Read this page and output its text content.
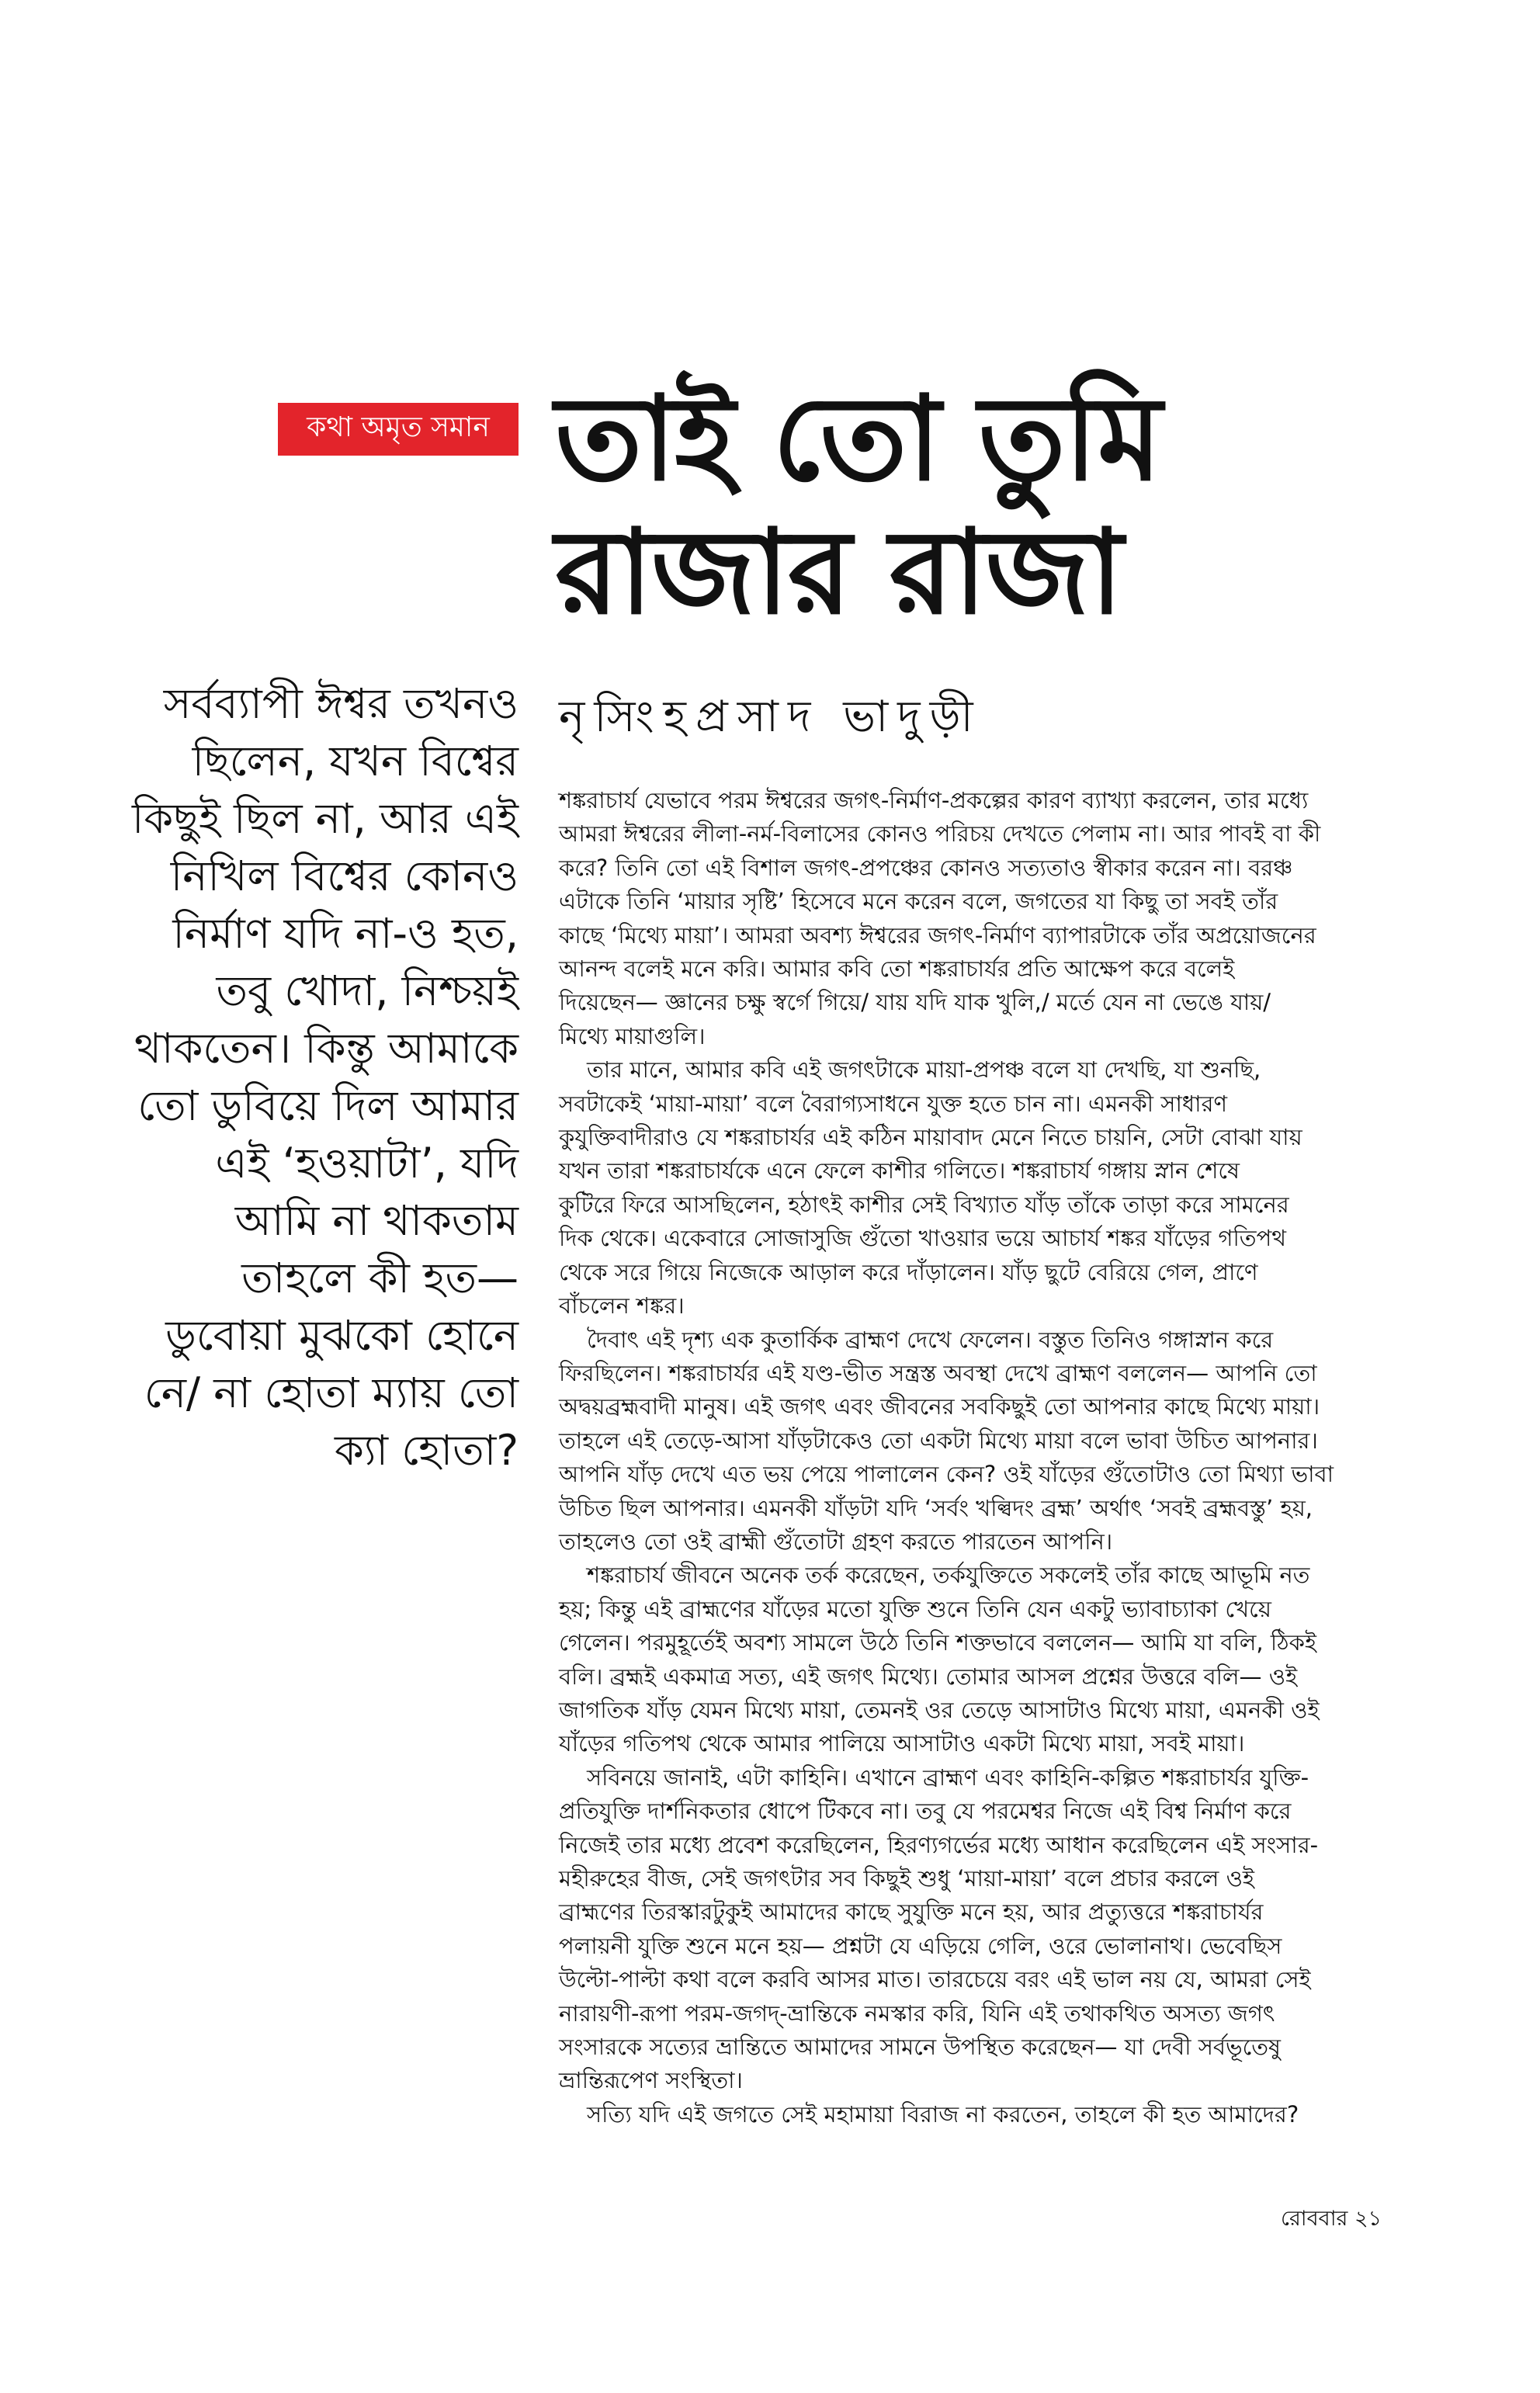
কথা অমৃত সমান তাই তো তুমি
রাজার রাজা
নৃসিংহপ্রসাদ ভাদুড়ী
সর্বব্যাপী ঈশ্বর তখনও
ছিলেন, যখন বিশ্বের
কিছুই ছিল না, আর এই
নিখিল বিশ্বের কোনও
নির্মাণ যদি না-ও হত,
তবু খোদা, নিশ্চয়ই
থাকতেন। কিন্তু আমাকে
তো ডুবিয়ে দিল আমার
এই ‘হওয়াটা’, যদি
আমি না থাকতাম
তাহলে কী হত—
ডুবোয়া মুঝকো হোনে
নে/ না হোতা ম্যায় তো
ক্যা হোতা?
শঙ্করাচার্য যেভাবে পরম ঈশ্বরের জগৎ-নির্মাণ-প্রকল্পের কারণ ব্যাখ্যা করলেন, তার মধ্যে
আমরা ঈশ্বরের লীলা-নর্ম-বিলাসের কোনও পরিচয় দেখতে পেলাম না। আর পাবই বা কী
করে? তিনি তো এই বিশাল জগৎ-প্রপঞ্চের কোনও সত্যতাও স্বীকার করেন না। বরঞ্চ
এটাকে তিনি ‘মায়ার সৃষ্টি’ হিসেবে মনে করেন বলে, জগতের যা কিছু তা সবই তাঁর
কাছে ‘মিথ্যে মায়া’। আমরা অবশ্য ঈশ্বরের জগৎ-নির্মাণ ব্যাপারটাকে তাঁর অপ্রয়োজনের
আনন্দ বলেই মনে করি। আমার কবি তো শঙ্করাচার্যর প্রতি আক্ষেপ করে বলেই
দিয়েছেন— জ্ঞানের চক্ষু স্বর্গে গিয়ে/ যায় যদি যাক খুলি,/ মর্তে যেন না ভেঙে যায়/
মিথ্যে মায়াগুলি।
তার মানে, আমার কবি এই জগৎটাকে মায়া-প্রপঞ্চ বলে যা দেখছি, যা শুনছি,
সবটাকেই ‘মায়া-মায়া’ বলে বৈরাগ্যসাধনে যুক্ত হতে চান না। এমনকী সাধারণ
কুযুক্তিবাদীরাও যে শঙ্করাচার্যর এই কঠিন মায়াবাদ মেনে নিতে চায়নি, সেটা বোঝা যায়
যখন তারা শঙ্করাচার্যকে এনে ফেলে কাশীর গলিতে। শঙ্করাচার্য গঙ্গায় স্নান শেষে
কুটিরে ফিরে আসছিলেন, হঠাৎই কাশীর সেই বিখ্যাত যাঁড় তাঁকে তাড়া করে সামনের
দিক থেকে। একেবারে সোজাসুজি গুঁতো খাওয়ার ভয়ে আচার্য শঙ্কর যাঁড়ের গতিপথ
থেকে সরে গিয়ে নিজেকে আড়াল করে দাঁড়ালেন। যাঁড় ছুটে বেরিয়ে গেল, প্রাণে
বাঁচলেন শঙ্কর।
দৈবাৎ এই দৃশ্য এক কুতার্কিক ব্রাহ্মণ দেখে ফেলেন। বস্তুত তিনিও গঙ্গাস্নান করে
ফিরছিলেন। শঙ্করাচার্যর এই যণ্ড-ভীত সন্ত্রস্ত অবস্থা দেখে ব্রাহ্মণ বললেন— আপনি তো
অদ্বয়ব্রহ্মবাদী মানুষ। এই জগৎ এবং জীবনের সবকিছুই তো আপনার কাছে মিথ্যে মায়া।
তাহলে এই তেড়ে-আসা যাঁড়টাকেও তো একটা মিথ্যে মায়া বলে ভাবা উচিত আপনার।
আপনি যাঁড় দেখে এত ভয় পেয়ে পালালেন কেন? ওই যাঁড়ের গুঁতোটাও তো মিথ্যা ভাবা
উচিত ছিল আপনার। এমনকী যাঁড়টা যদি ‘সর্বং খল্বিদং ব্রহ্ম’ অর্থাৎ ‘সবই ব্রহ্মবস্তু’ হয়,
তাহলেও তো ওই ব্রাহ্মী গুঁতোটা গ্রহণ করতে পারতেন আপনি।
শঙ্করাচার্য জীবনে অনেক তর্ক করেছেন, তর্কযুক্তিতে সকলেই তাঁর কাছে আভূমি নত
হয়; কিন্তু এই ব্রাহ্মণের যাঁড়ের মতো যুক্তি শুনে তিনি যেন একটু ভ্যাবাচ্যাকা খেয়ে
গেলেন। পরমুহূর্তেই অবশ্য সামলে উঠে তিনি শক্তভাবে বললেন— আমি যা বলি, ঠিকই
বলি। ব্রহ্মই একমাত্র সত্য, এই জগৎ মিথ্যে। তোমার আসল প্রশ্নের উত্তরে বলি— ওই
জাগতিক যাঁড় যেমন মিথ্যে মায়া, তেমনই ওর তেড়ে আসাটাও মিথ্যে মায়া, এমনকী ওই
যাঁড়ের গতিপথ থেকে আমার পালিয়ে আসাটাও একটা মিথ্যে মায়া, সবই মায়া।
সবিনয়ে জানাই, এটা কাহিনি। এখানে ব্রাহ্মণ এবং কাহিনি-কল্পিত শঙ্করাচার্যর যুক্তি-
প্রতিযুক্তি দার্শনিকতার ধোপে টিকবে না। তবু যে পরমেশ্বর নিজে এই বিশ্ব নির্মাণ করে
নিজেই তার মধ্যে প্রবেশ করেছিলেন, হিরণ্যগর্ভের মধ্যে আধান করেছিলেন এই সংসার-
মহীরুহের বীজ, সেই জগৎটার সব কিছুই শুধু ‘মায়া-মায়া’ বলে প্রচার করলে ওই
ব্রাহ্মণের তিরস্কারটুকুই আমাদের কাছে সুযুক্তি মনে হয়, আর প্রত্যুত্তরে শঙ্করাচার্যর
পলায়নী যুক্তি শুনে মনে হয়— প্রশ্নটা যে এড়িয়ে গেলি, ওরে ভোলানাথ। ভেবেছিস
উল্টো-পাল্টা কথা বলে করবি আসর মাত। তারচেয়ে বরং এই ভাল নয় যে, আমরা সেই
নারায়ণী-রূপা পরম-জগদ্-ভ্রান্তিকে নমস্কার করি, যিনি এই তথাকথিত অসত্য জগৎ
সংসারকে সত্যের ভ্রান্তিতে আমাদের সামনে উপস্থিত করেছেন— যা দেবী সর্বভূতেষু
ভ্রান্তিরূপেণ সংস্থিতা।
সত্যি যদি এই জগতে সেই মহামায়া বিরাজ না করতেন, তাহলে কী হত আমাদের?
রোববার ২১
